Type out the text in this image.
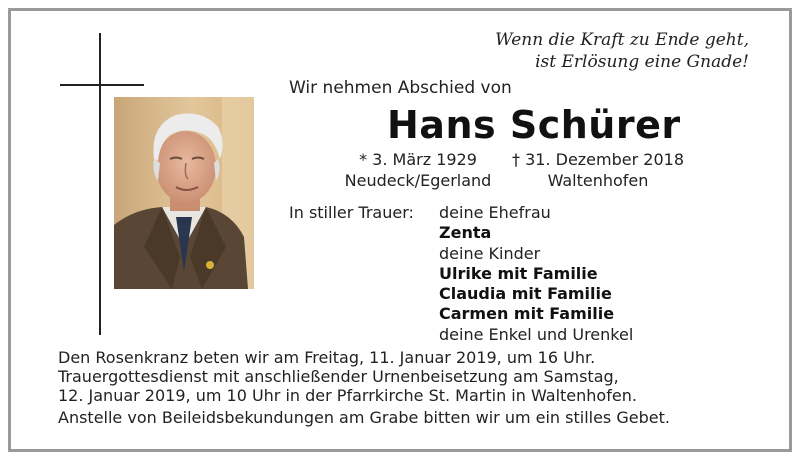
Wenn die Kraft zu Ende geht,
ist Erlösung eine Gnade!
Wir nehmen Abschied von
Hans Schürer
* 3. März 1929
Neudeck/Egerland
† 31. Dezember 2018
Waltenhofen
In stiller Trauer: deine Ehefrau
Zenta
deine Kinder
Ulrike mit Familie
Claudia mit Familie
Carmen mit Familie
deine Enkel und Urenkel
Den Rosenkranz beten wir am Freitag, 11. Januar 2019, um 16 Uhr.
Trauergottesdienst mit anschließender Urnenbeisetzung am Samstag,
12. Januar 2019, um 10 Uhr in der Pfarrkirche St. Martin in Waltenhofen.
Anstelle von Beileidsbekundungen am Grabe bitten wir um ein stilles Gebet.
